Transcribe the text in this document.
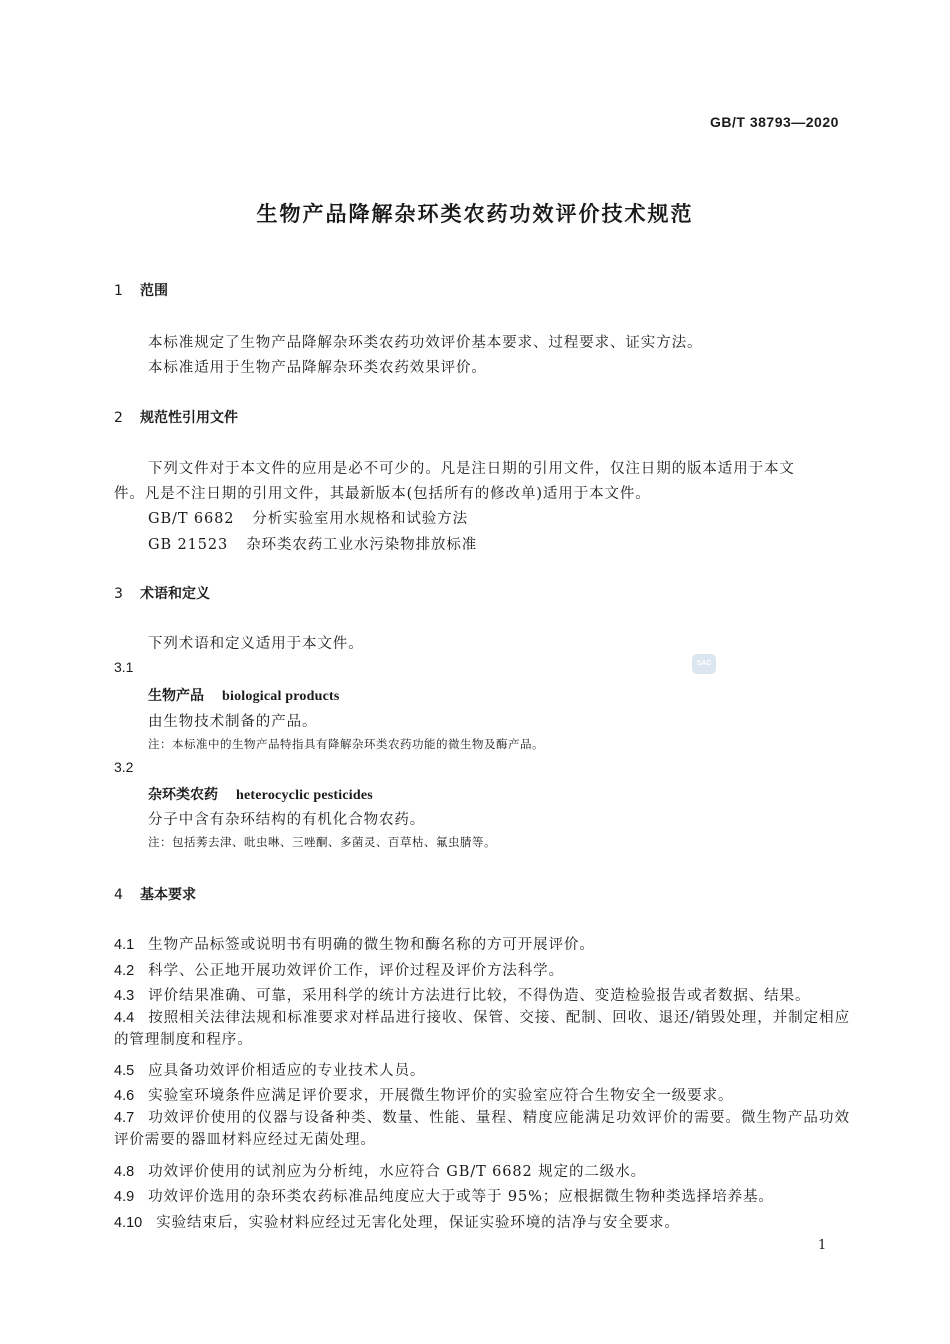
GB/T 38793—2020
生物产品降解杂环类农药功效评价技术规范
1 范围
本标准规定了生物产品降解杂环类农药功效评价基本要求、过程要求、证实方法。
本标准适用于生物产品降解杂环类农药效果评价。
2 规范性引用文件
下列文件对于本文件的应用是必不可少的。凡是注日期的引用文件，仅注日期的版本适用于本文
件。凡是不注日期的引用文件，其最新版本(包括所有的修改单)适用于本文件。
GB/T 6682 分析实验室用水规格和试验方法
GB 21523 杂环类农药工业水污染物排放标准
3 术语和定义
下列术语和定义适用于本文件。
SAC
3.1
生物产品 biological products
由生物技术制备的产品。
注：本标准中的生物产品特指具有降解杂环类农药功能的微生物及酶产品。
3.2
杂环类农药 heterocyclic pesticides
分子中含有杂环结构的有机化合物农药。
注：包括莠去津、吡虫啉、三唑酮、多菌灵、百草枯、氟虫腈等。
4 基本要求
4.1 生物产品标签或说明书有明确的微生物和酶名称的方可开展评价。
4.2 科学、公正地开展功效评价工作，评价过程及评价方法科学。
4.3 评价结果准确、可靠，采用科学的统计方法进行比较，不得伪造、变造检验报告或者数据、结果。
4.4 按照相关法律法规和标准要求对样品进行接收、保管、交接、配制、回收、退还/销毁处理，并制定相应的管理制度和程序。
4.5 应具备功效评价相适应的专业技术人员。
4.6 实验室环境条件应满足评价要求，开展微生物评价的实验室应符合生物安全一级要求。
4.7 功效评价使用的仪器与设备种类、数量、性能、量程、精度应能满足功效评价的需要。微生物产品功效评价需要的器皿材料应经过无菌处理。
4.8 功效评价使用的试剂应为分析纯，水应符合 GB/T 6682 规定的二级水。
4.9 功效评价选用的杂环类农药标准品纯度应大于或等于 95%；应根据微生物种类选择培养基。
4.10 实验结束后，实验材料应经过无害化处理，保证实验环境的洁净与安全要求。
1
